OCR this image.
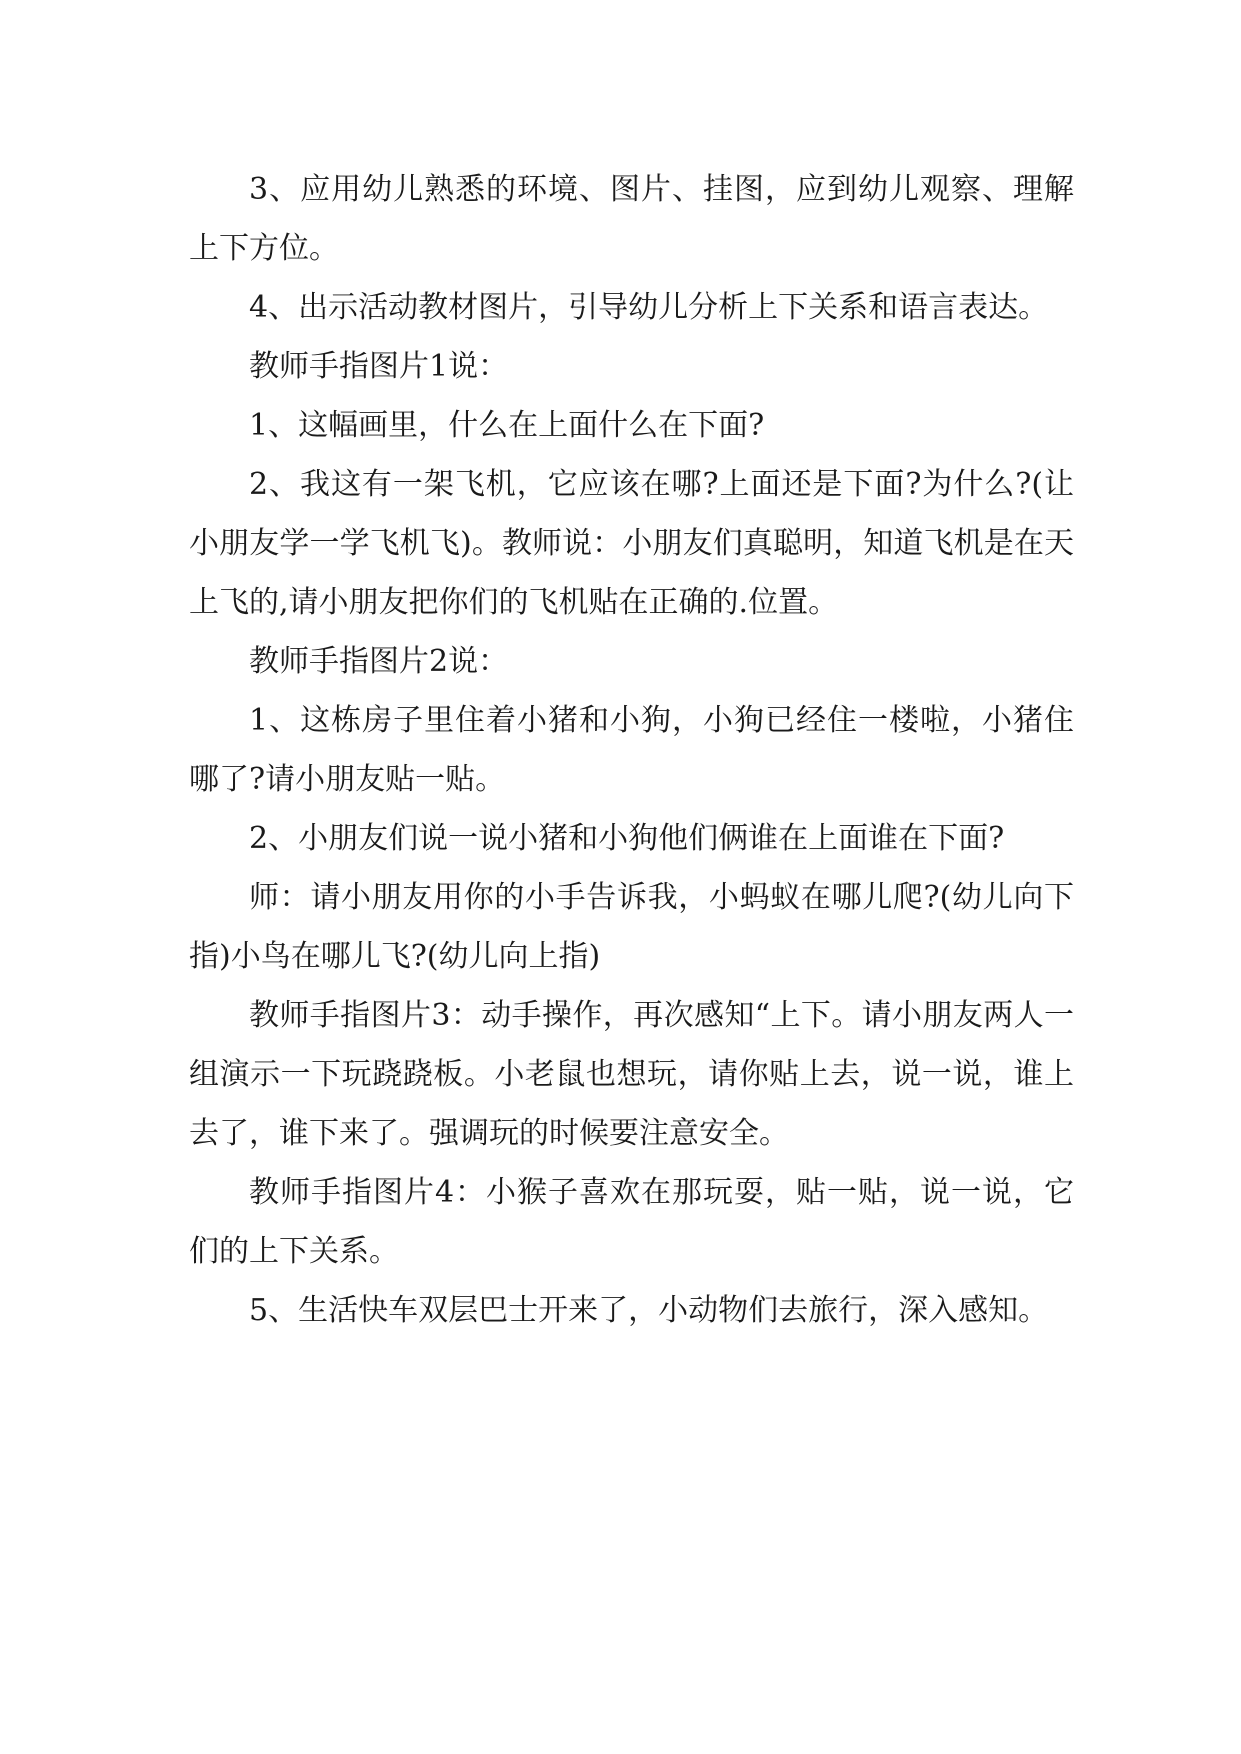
3、应用幼儿熟悉的环境、图片、挂图，应到幼儿观察、理解上下方位。

4、出示活动教材图片，引导幼儿分析上下关系和语言表达。

教师手指图片1说：

1、这幅画里，什么在上面什么在下面?

2、我这有一架飞机，它应该在哪?上面还是下面?为什么?(让小朋友学一学飞机飞)。教师说：小朋友们真聪明，知道飞机是在天上飞的,请小朋友把你们的飞机贴在正确的.位置。

教师手指图片2说：

1、这栋房子里住着小猪和小狗，小狗已经住一楼啦，小猪住哪了?请小朋友贴一贴。

2、小朋友们说一说小猪和小狗他们俩谁在上面谁在下面?

师：请小朋友用你的小手告诉我，小蚂蚁在哪儿爬?(幼儿向下指)小鸟在哪儿飞?(幼儿向上指)

教师手指图片3：动手操作，再次感知“上下。请小朋友两人一组演示一下玩跷跷板。小老鼠也想玩，请你贴上去，说一说，谁上去了，谁下来了。强调玩的时候要注意安全。

教师手指图片4：小猴子喜欢在那玩耍，贴一贴，说一说，它们的上下关系。

5、生活快车双层巴士开来了，小动物们去旅行，深入感知。
